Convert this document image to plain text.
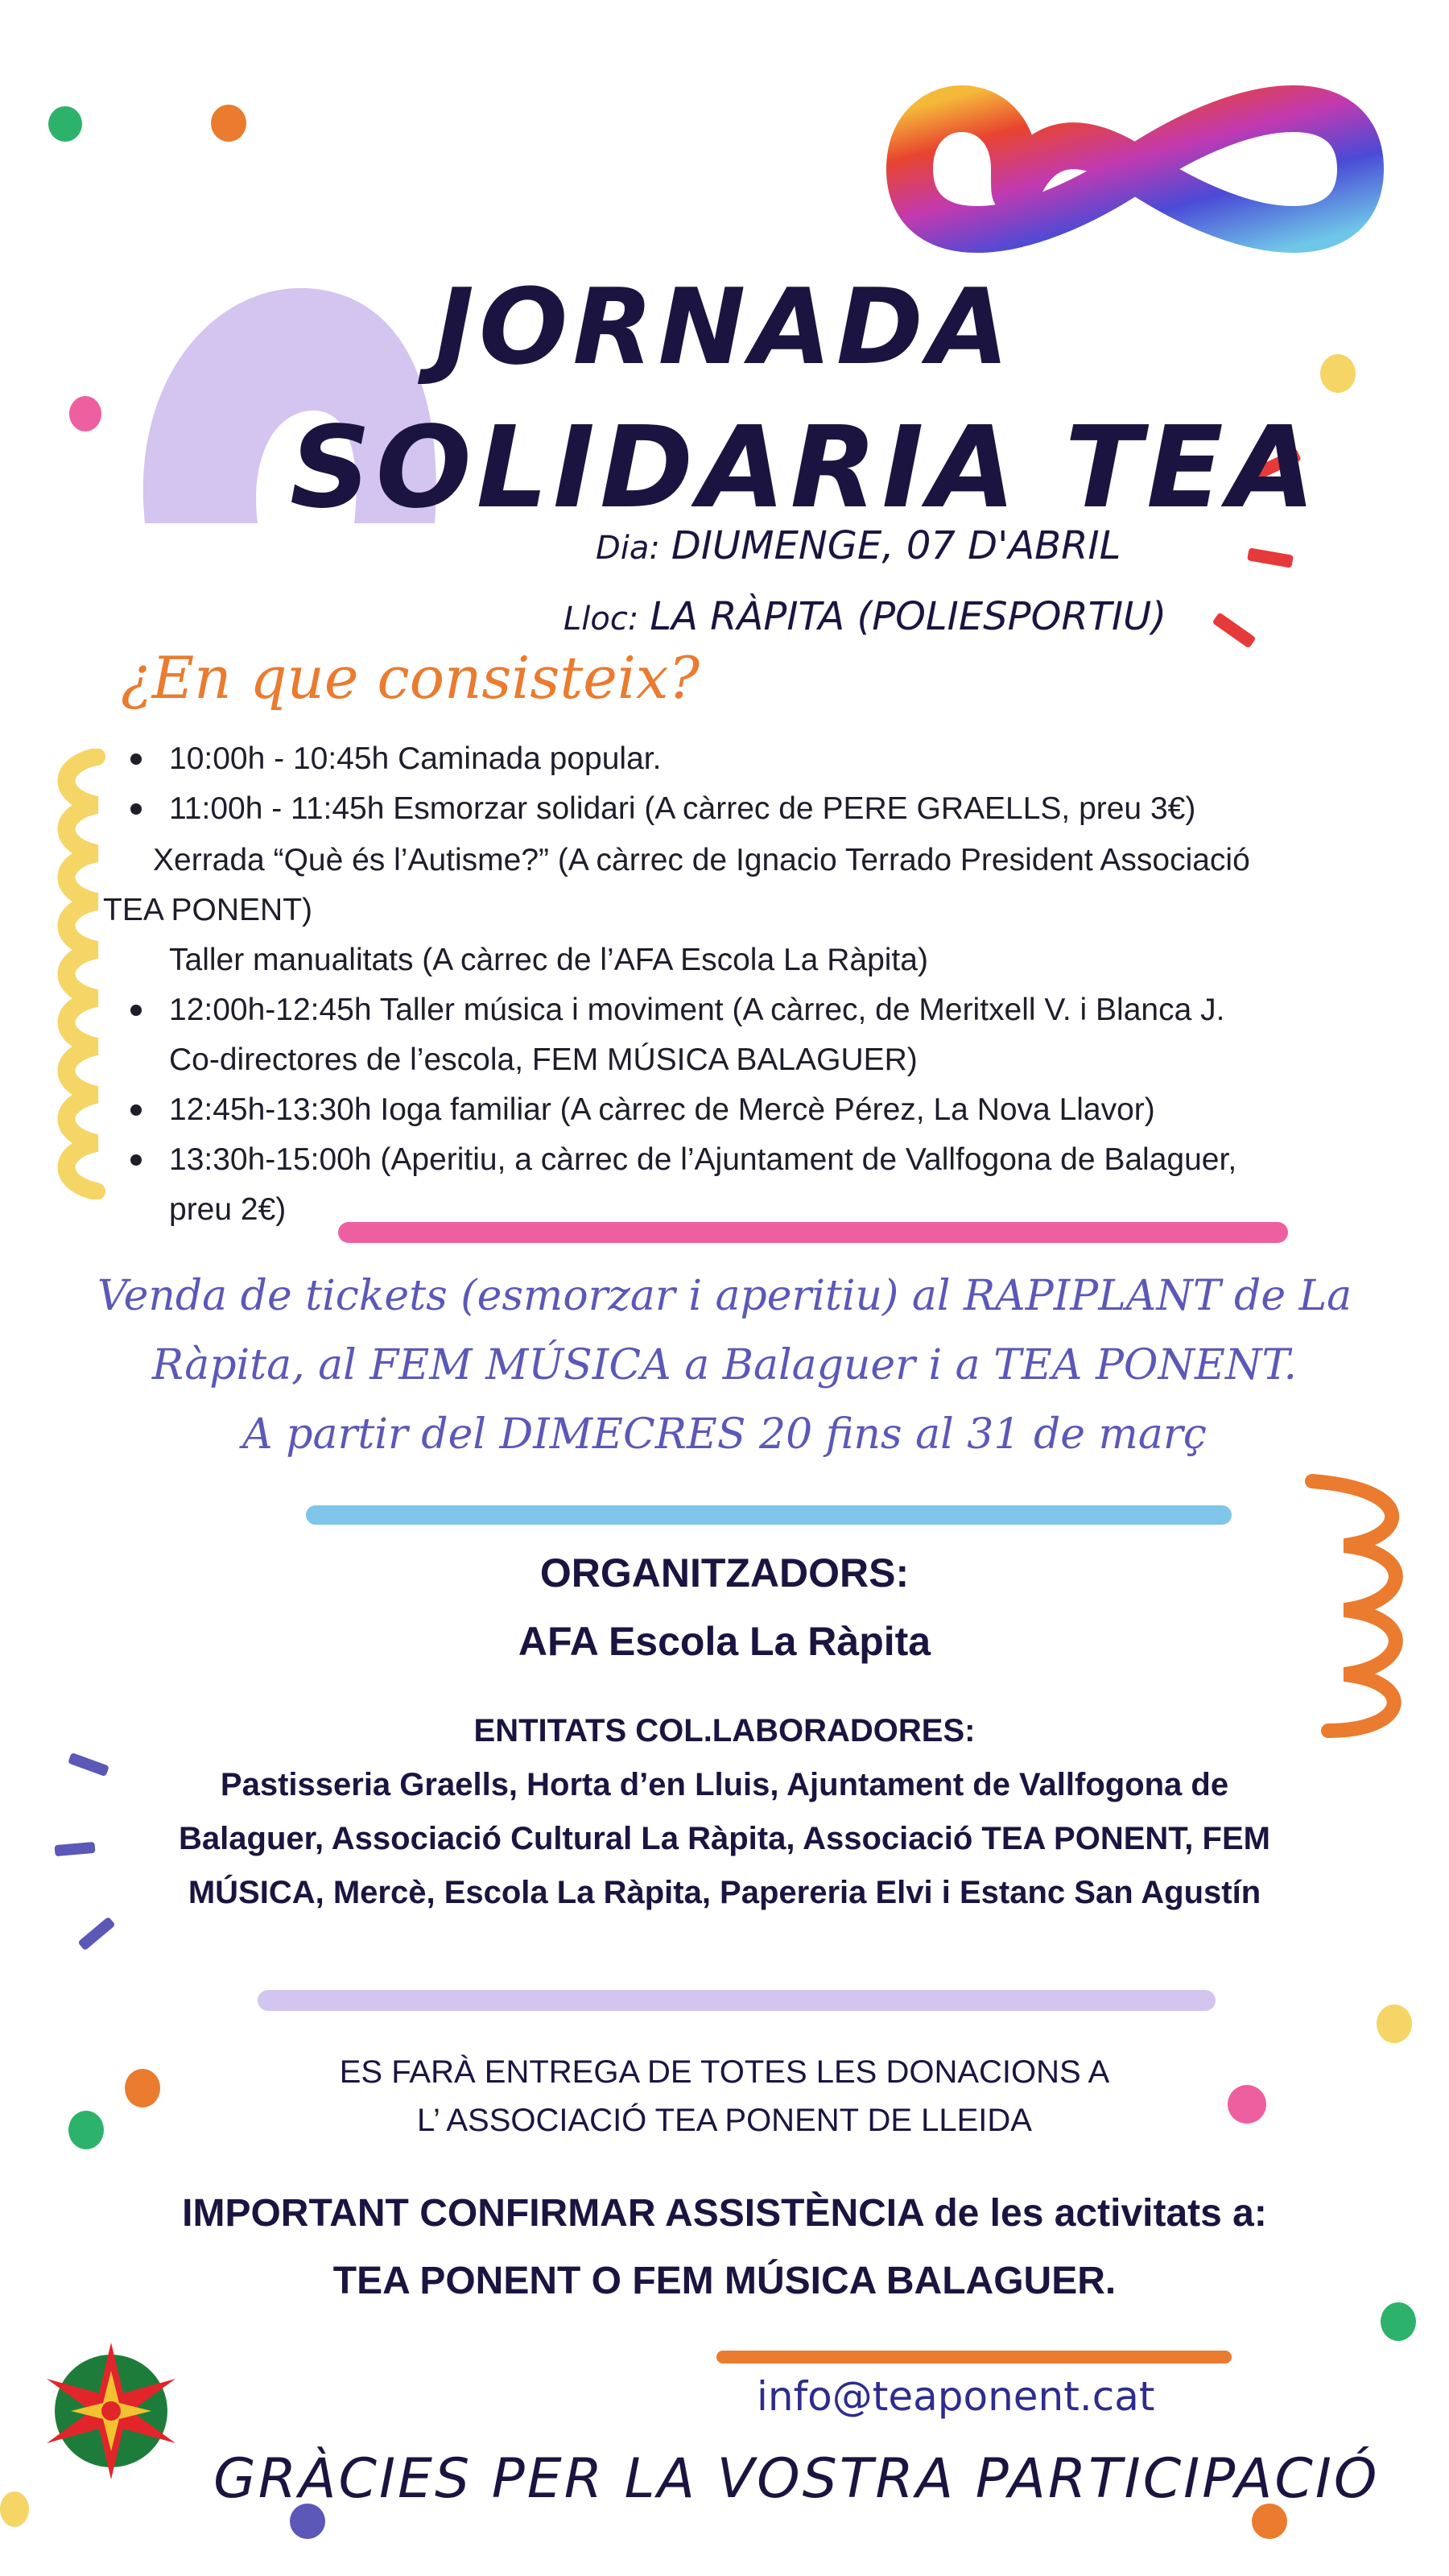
JORNADA
SOLIDARIA TEA
Dia: DIUMENGE, 07 D'ABRIL
Lloc: LA RÀPITA (POLIESPORTIU)
¿En que consisteix?
10:00h - 10:45h Caminada popular.
11:00h - 11:45h Esmorzar solidari (A càrrec de PERE GRAELLS, preu 3€)
Xerrada “Què és l’Autisme?” (A càrrec de Ignacio Terrado President Associació
TEA PONENT)
Taller manualitats (A càrrec de l’AFA Escola La Ràpita)
12:00h-12:45h Taller música i moviment (A càrrec, de Meritxell V. i Blanca J.
Co-directores de l’escola, FEM MÚSICA BALAGUER)
12:45h-13:30h Ioga familiar (A càrrec de Mercè Pérez, La Nova Llavor)
13:30h-15:00h (Aperitiu, a càrrec de l’Ajuntament de Vallfogona de Balaguer,
preu 2€)
Venda de tickets (esmorzar i aperitiu) al RAPIPLANT de La
Ràpita, al FEM MÚSICA a Balaguer i a TEA PONENT.
A partir del DIMECRES 20 fins al 31 de març
ORGANITZADORS:
AFA Escola La Ràpita
ENTITATS COL.LABORADORES:
Pastisseria Graells, Horta d’en Lluis, Ajuntament de Vallfogona de
Balaguer, Associació Cultural La Ràpita, Associació TEA PONENT, FEM
MÚSICA, Mercè, Escola La Ràpita, Papereria Elvi i Estanc San Agustín
ES FARÀ ENTREGA DE TOTES LES DONACIONS A
L’ ASSOCIACIÓ TEA PONENT DE LLEIDA
IMPORTANT CONFIRMAR ASSISTÈNCIA de les activitats a:
TEA PONENT O FEM MÚSICA BALAGUER.
info@teaponent.cat
GRÀCIES PER LA VOSTRA PARTICIPACIÓ
